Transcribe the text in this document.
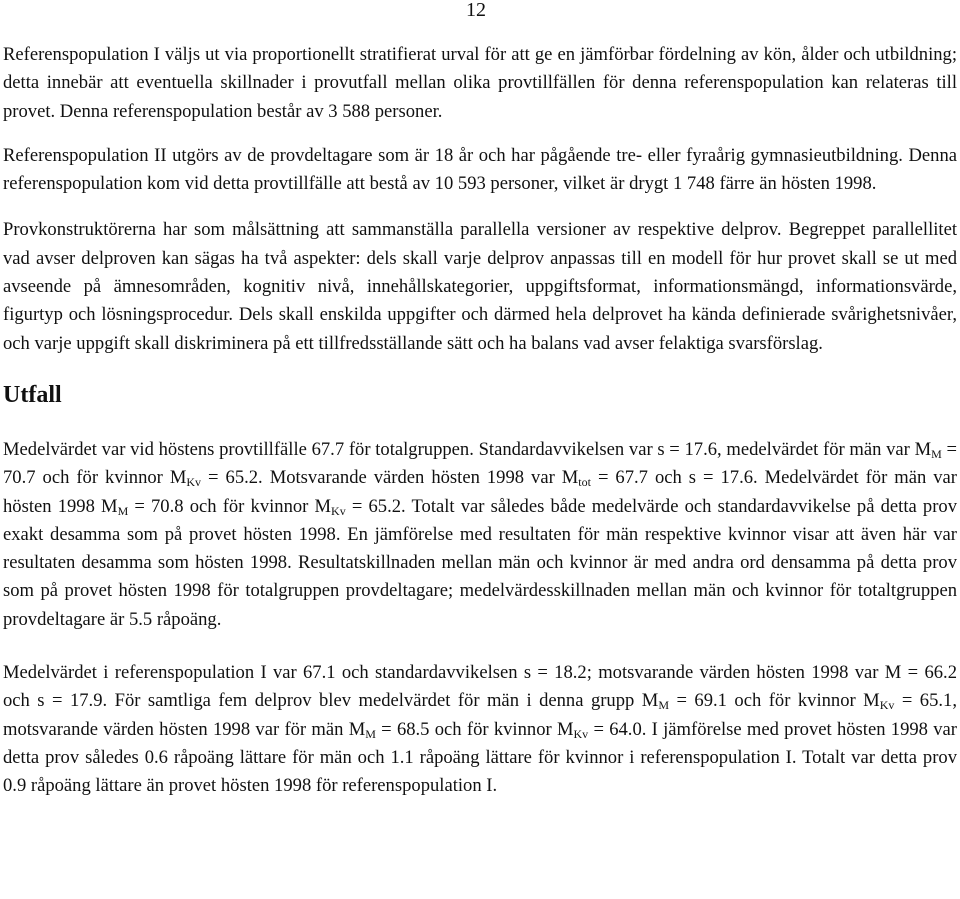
12

Referenspopulation I väljs ut via proportionellt stratifierat urval för att ge en jämförbar fördelning av kön, ålder och utbildning; detta innebär att eventuella skillnader i provutfall mellan olika provtillfällen för denna referenspopulation kan relateras till provet. Denna referenspopulation består av 3 588 personer.

Referenspopulation II utgörs av de provdeltagare som är 18 år och har pågående tre- eller fyraårig gymnasieutbildning. Denna referenspopulation kom vid detta provtillfälle att bestå av 10 593 personer, vilket är drygt 1 748 färre än hösten 1998.

Provkonstruktörerna har som målsättning att sammanställa parallella versioner av respektive delprov. Begreppet parallellitet vad avser delproven kan sägas ha två aspekter: dels skall varje delprov anpassas till en modell för hur provet skall se ut med avseende på ämnesområden, kognitiv nivå, innehållskategorier, uppgiftsformat, informationsmängd, informationsvärde, figurtyp och lösningsprocedur. Dels skall enskilda uppgifter och därmed hela delprovet ha kända definierade svårighetsnivåer, och varje uppgift skall diskriminera på ett tillfredsställande sätt och ha balans vad avser felaktiga svarsförslag.

Utfall

Medelvärdet var vid höstens provtillfälle 67.7 för totalgruppen. Standardavvikelsen var s = 17.6, medelvärdet för män var $M_M = 70.7$ och för kvinnor $M_{Kv} = 65.2$. Motsvarande värden hösten 1998 var $M_{tot} = 67.7$ och s = 17.6. Medelvärdet för män var hösten 1998 $M_M = 70.8$ och för kvinnor $M_{Kv} = 65.2$. Totalt var således både medelvärde och standardavvikelse på detta prov exakt desamma som på provet hösten 1998. En jämförelse med resultaten för män respektive kvinnor visar att även här var resultaten desamma som hösten 1998. Resultatskillnaden mellan män och kvinnor är med andra ord densamma på detta prov som på provet hösten 1998 för totalgruppen provdeltagare; medelvärdesskillnaden mellan män och kvinnor för totaltgruppen provdeltagare är 5.5 råpoäng.

Medelvärdet i referenspopulation I var 67.1 och standardavvikelsen s = 18.2; motsvarande värden hösten 1998 var M = 66.2 och s = 17.9. För samtliga fem delprov blev medelvärdet för män i denna grupp $M_M = 69.1$ och för kvinnor $M_{Kv} = 65.1$, motsvarande värden hösten 1998 var för män $M_M = 68.5$ och för kvinnor $M_{Kv} = 64.0$. I jämförelse med provet hösten 1998 var detta prov således 0.6 råpoäng lättare för män och 1.1 råpoäng lättare för kvinnor i referenspopulation I. Totalt var detta prov 0.9 råpoäng lättare än provet hösten 1998 för referenspopulation I.
